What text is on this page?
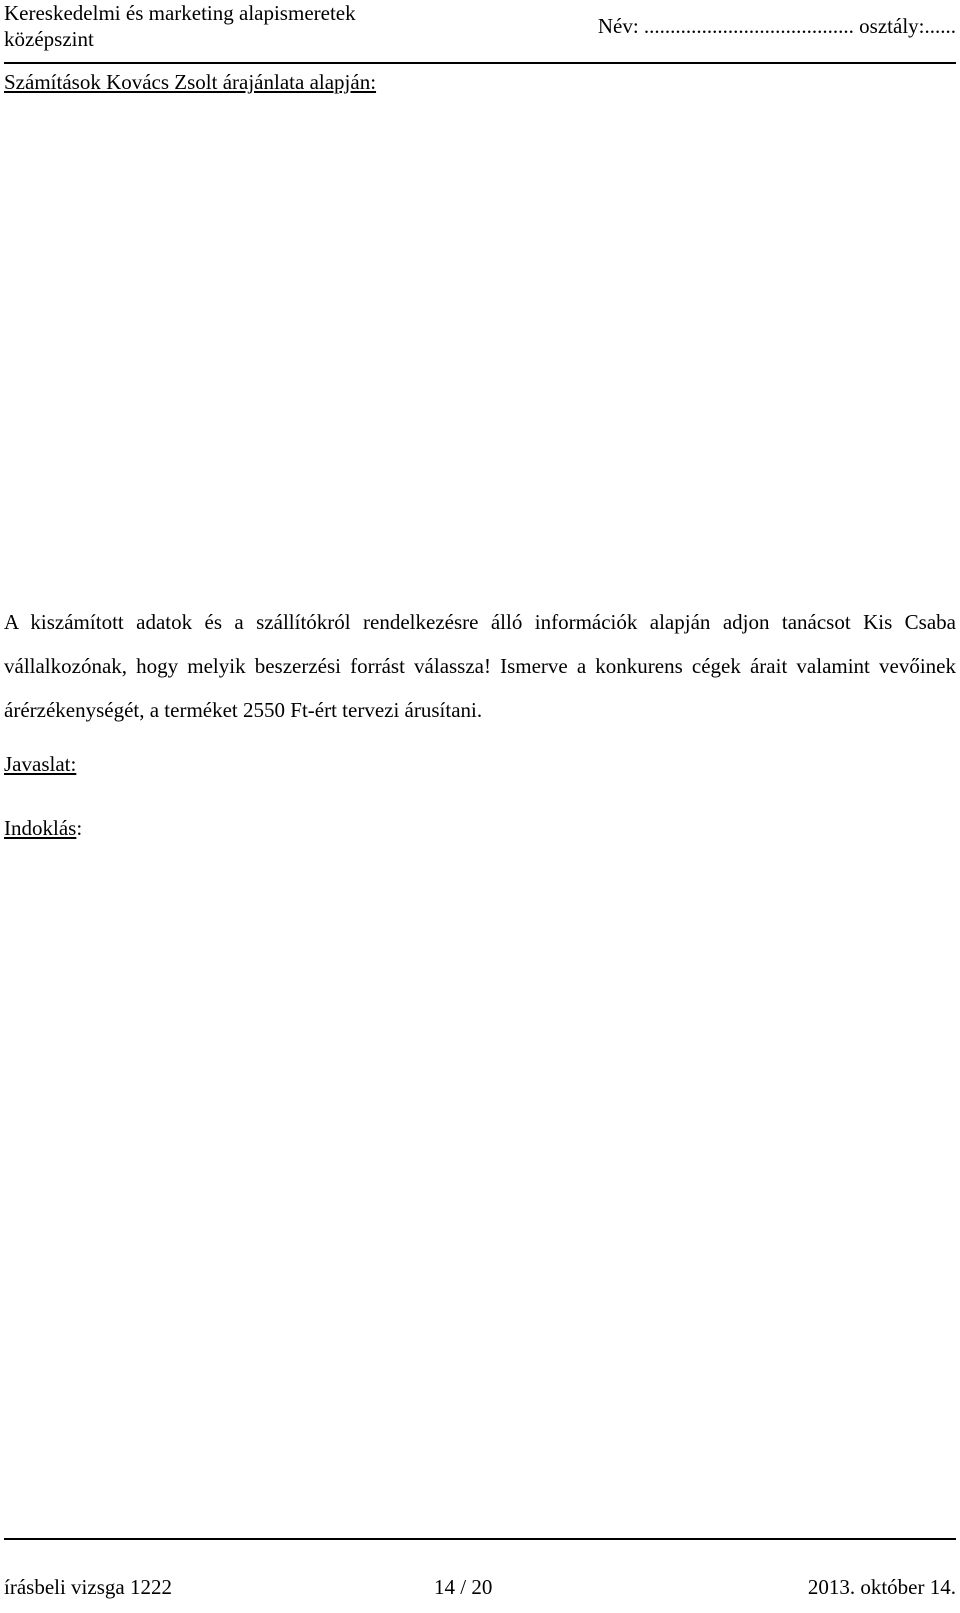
Kereskedelmi és marketing alapismeretek
középszint
Név: ........................................ osztály:......
Számítások Kovács Zsolt árajánlata alapján:

A kiszámított adatok és a szállítókról rendelkezésre álló információk alapján adjon tanácsot Kis Csaba vállalkozónak, hogy melyik beszerzési forrást válassza! Ismerve a konkurens cégek árait valamint vevőinek árérzékenységét, a terméket 2550 Ft-ért tervezi árusítani.

Javaslat:
Indoklás:
írásbeli vizsga 1222	14 / 20	2013. október 14.
